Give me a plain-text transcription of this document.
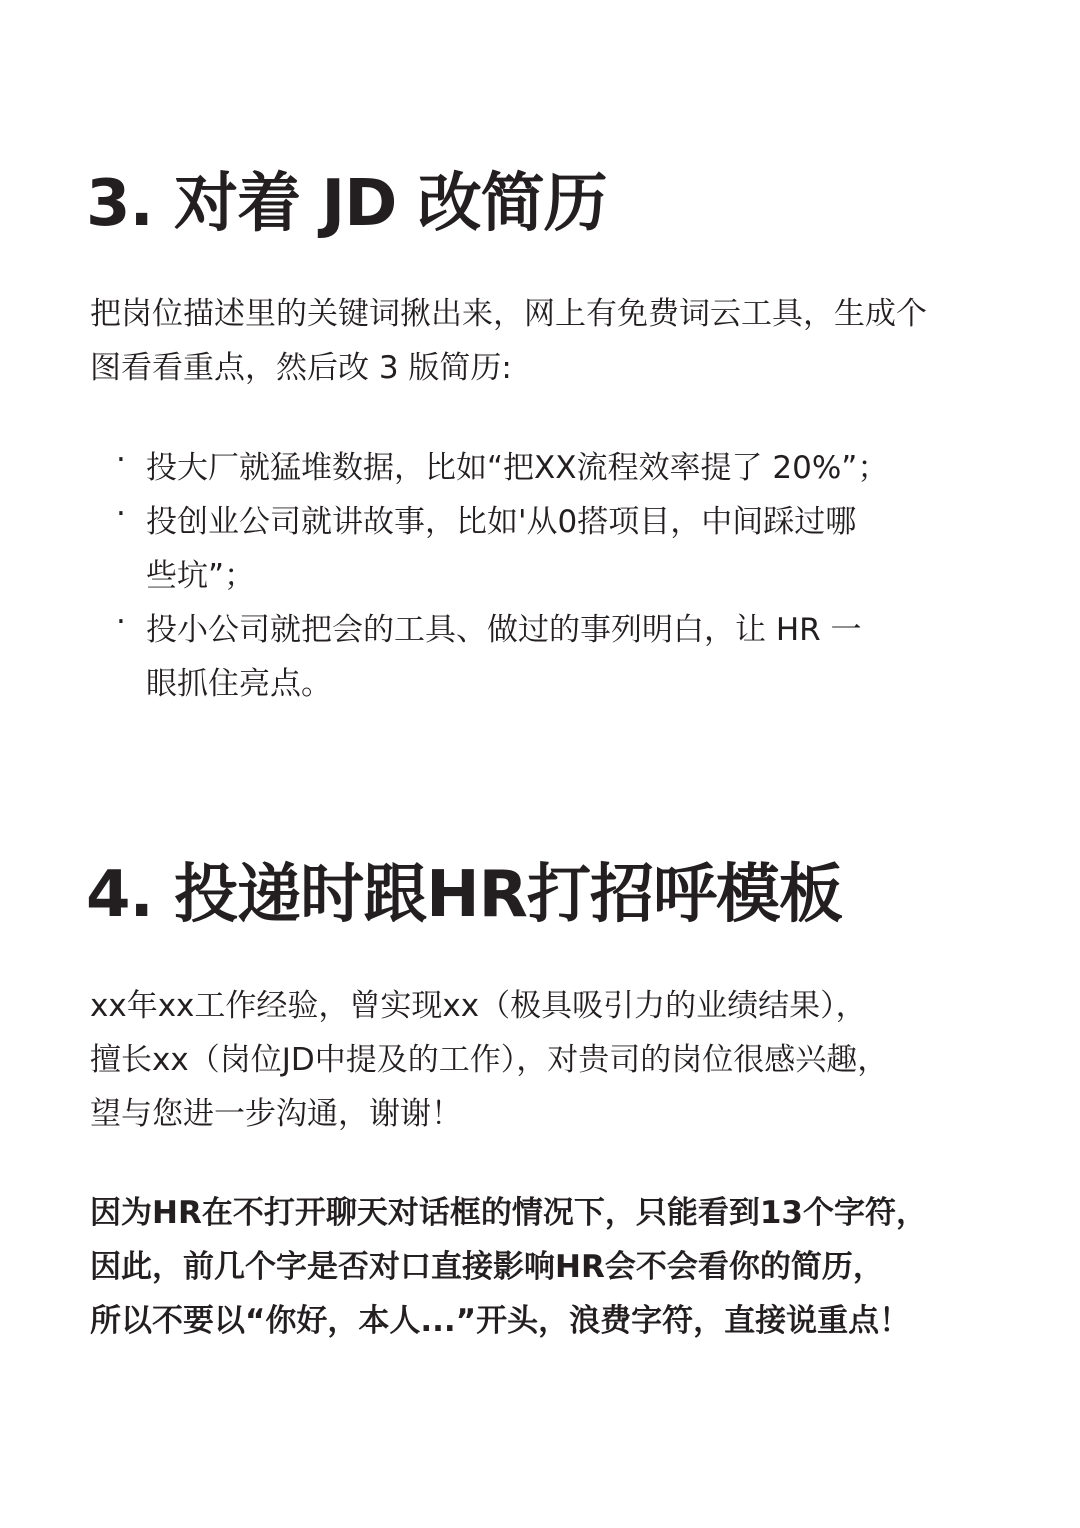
3. 对着 JD 改简历
把岗位描述里的关键词揪出来，网上有免费词云工具，生成个
图看看重点，然后改 3 版简历:
· 投大厂就猛堆数据，比如“把XX流程效率提了 20%”；
· 投创业公司就讲故事，比如'从0搭项目，中间踩过哪
些坑”；
· 投小公司就把会的工具、做过的事列明白，让 HR 一
眼抓住亮点。
4. 投递时跟HR打招呼模板
xx年xx工作经验，曾实现xx（极具吸引力的业绩结果），
擅长xx（岗位JD中提及的工作），对贵司的岗位很感兴趣，
望与您进一步沟通，谢谢！
因为HR在不打开聊天对话框的情况下，只能看到13个字符，
因此，前几个字是否对口直接影响HR会不会看你的简历，
所以不要以“你好，本人...”开头，浪费字符，直接说重点！
